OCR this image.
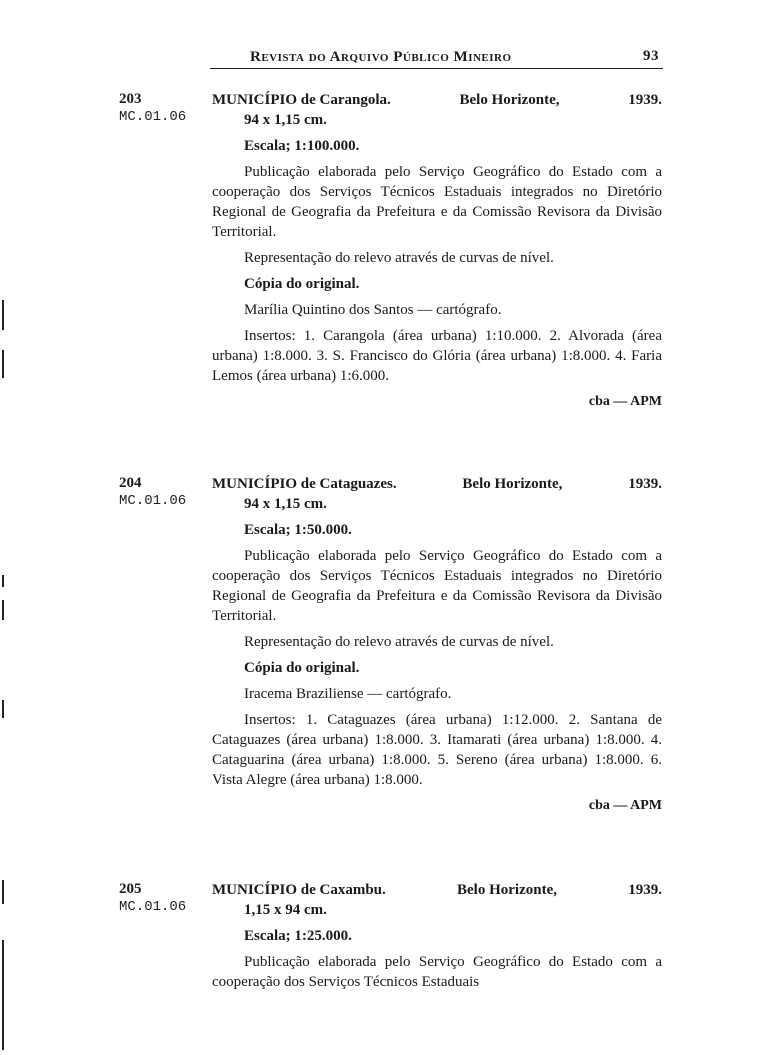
Revista do Arquivo Público Mineiro	93
203
MC.01.06
MUNICÍPIO de Carangola.	Belo Horizonte,	1939.
94 x 1,15 cm.
Escala; 1:100.000.

Publicação elaborada pelo Serviço Geográfico do Estado com a cooperação dos Serviços Técnicos Estaduais integrados no Diretório Regional de Geografia da Prefeitura e da Comissão Revisora da Divisão Territorial.

Representação do relevo através de curvas de nível.
Cópia do original.
Marília Quintino dos Santos — cartógrafo.

Insertos: 1. Carangola (área urbana) 1:10.000. 2. Alvorada (área urbana) 1:8.000. 3. S. Francisco do Glória (área urbana) 1:8.000. 4. Faria Lemos (área urbana) 1:6.000.

cba — APM
204
MC.01.06
MUNICÍPIO de Cataguazes.	Belo Horizonte,	1939.
94 x 1,15 cm.
Escala; 1:50.000.

Publicação elaborada pelo Serviço Geográfico do Estado com a cooperação dos Serviços Técnicos Estaduais integrados no Diretório Regional de Geografia da Prefeitura e da Comissão Revisora da Divisão Territorial.

Representação do relevo através de curvas de nível.
Cópia do original.
Iracema Braziliense — cartógrafo.

Insertos: 1. Cataguazes (área urbana) 1:12.000. 2. Santana de Cataguazes (área urbana) 1:8.000. 3. Itamarati (área urbana) 1:8.000. 4. Cataguarina (área urbana) 1:8.000. 5. Sereno (área urbana) 1:8.000. 6. Vista Alegre (área urbana) 1:8.000.

cba — APM
205
MC.01.06
MUNICÍPIO de Caxambu.	Belo Horizonte,	1939.
1,15 x 94 cm.
Escala; 1:25.000.

Publicação elaborada pelo Serviço Geográfico do Estado com a cooperação dos Serviços Técnicos Estaduais
